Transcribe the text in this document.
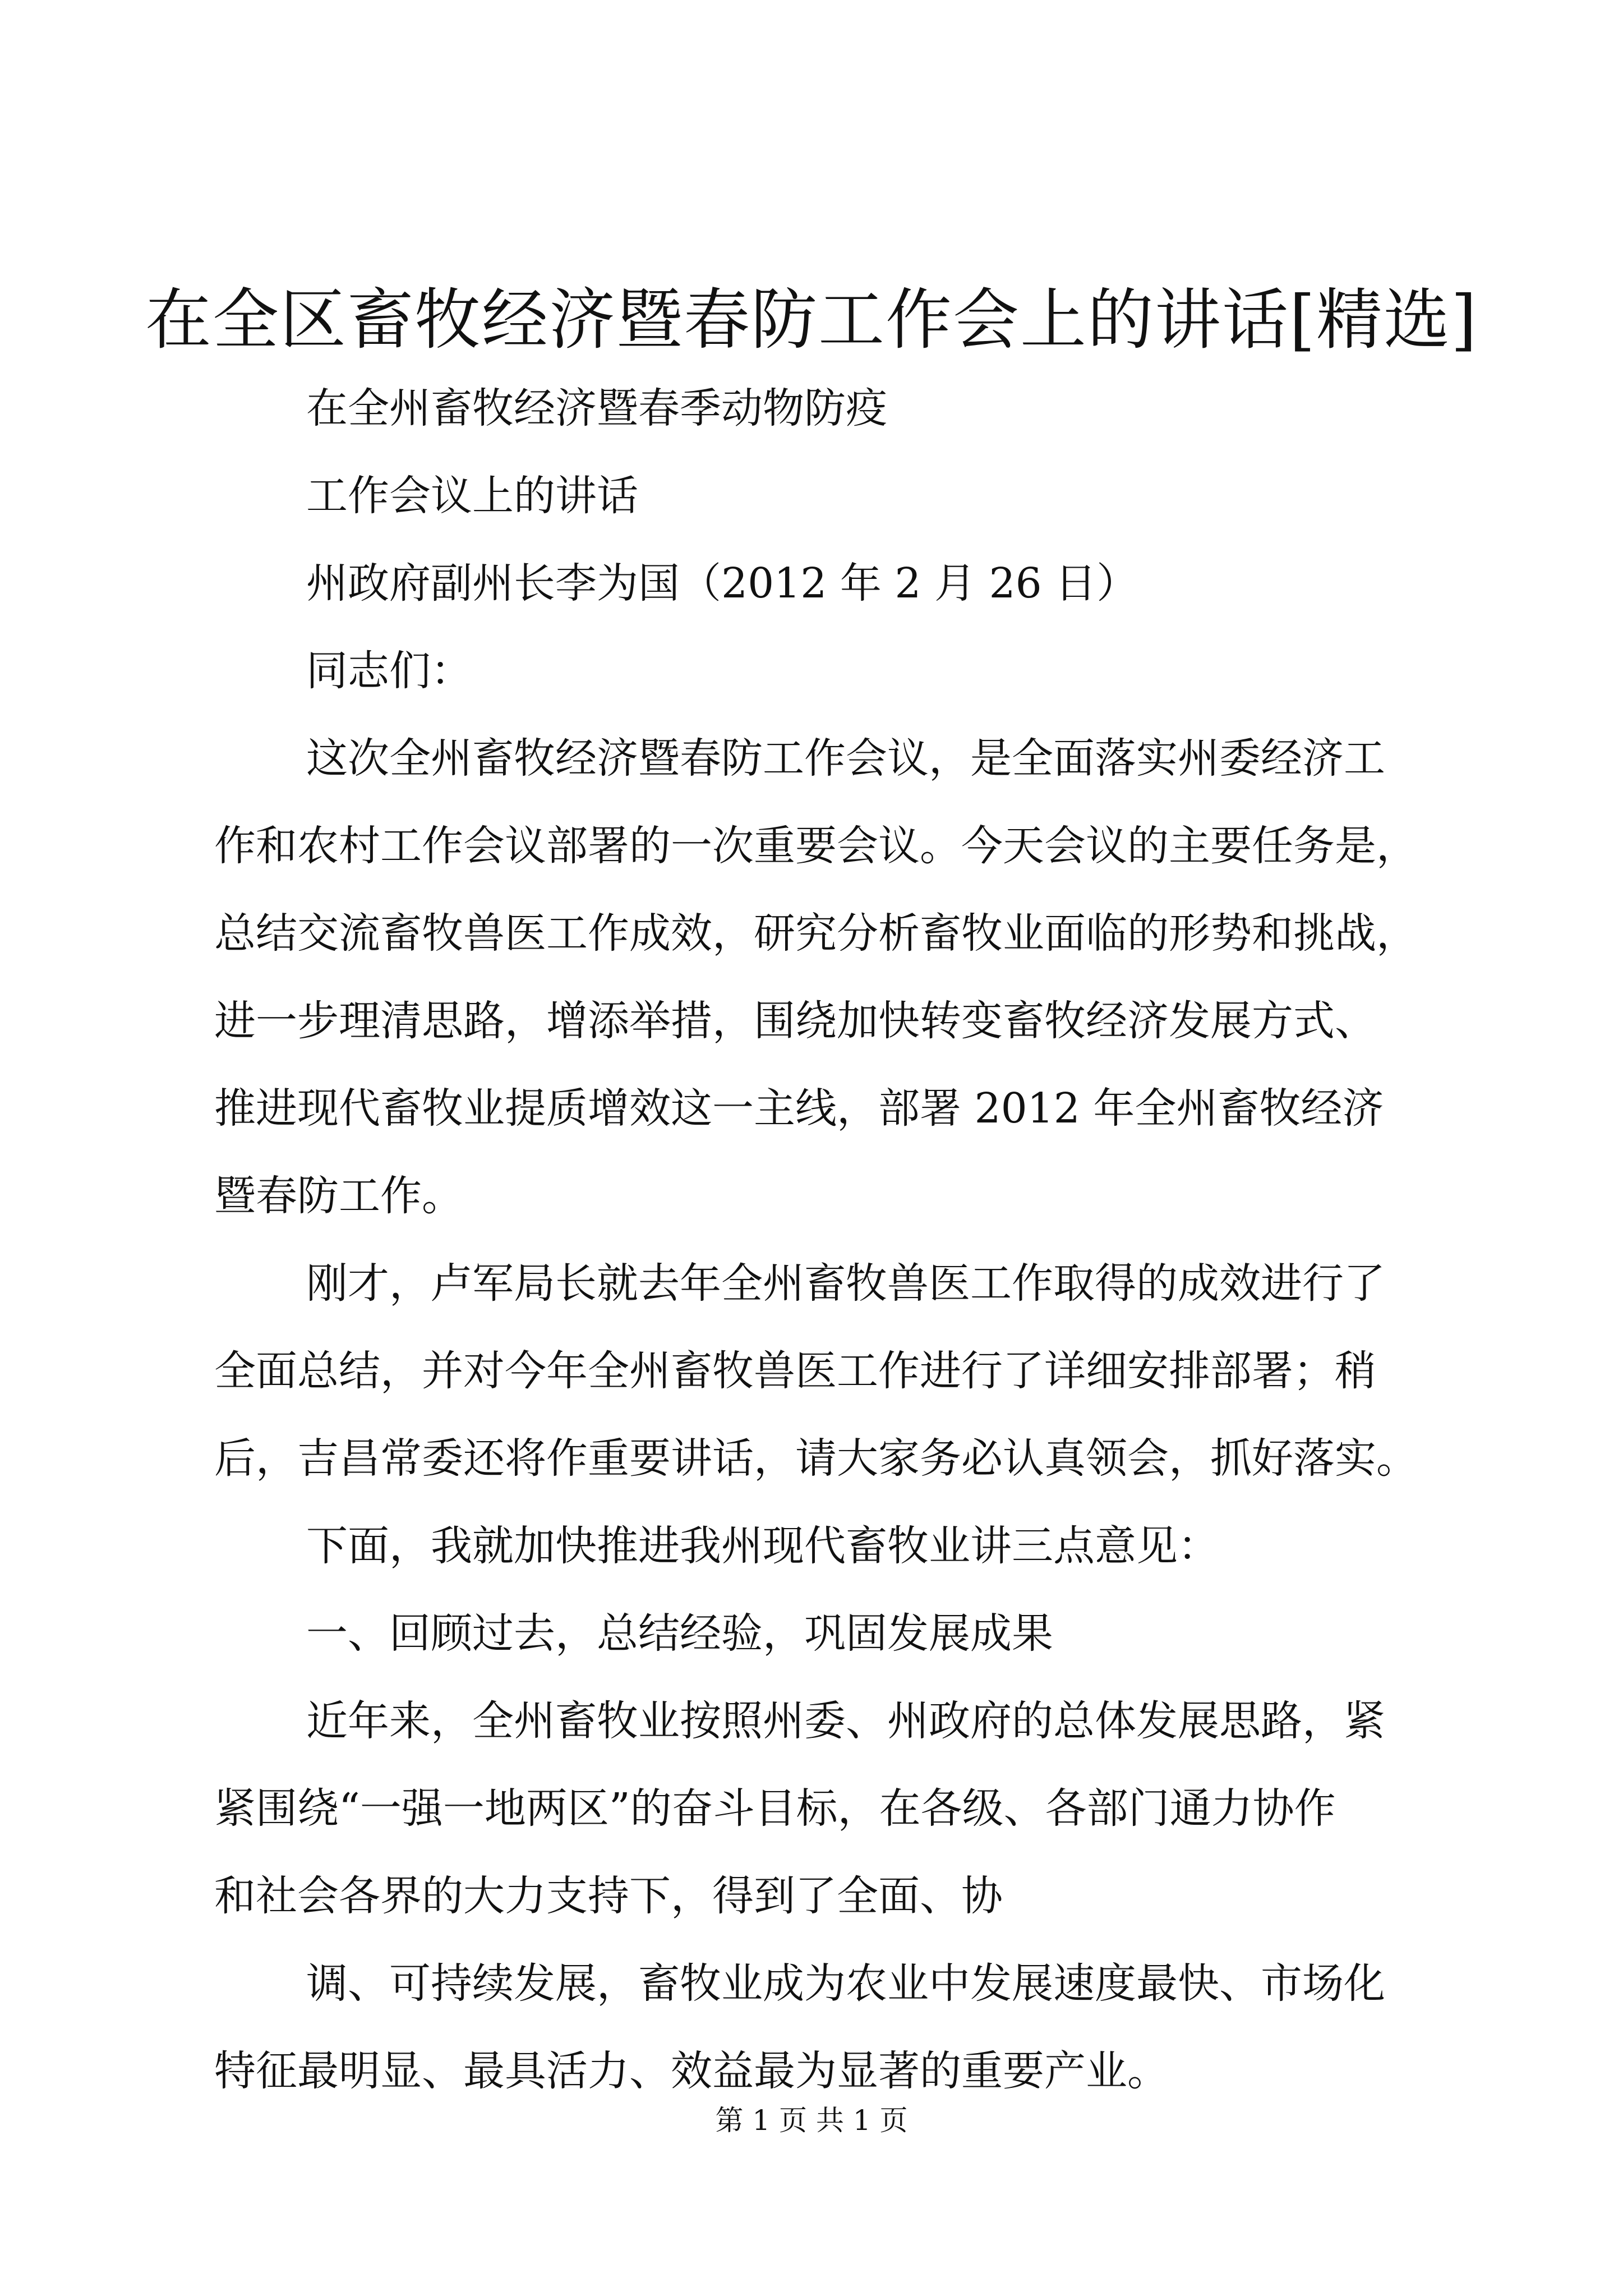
在全区畜牧经济暨春防工作会上的讲话[精选]
在全州畜牧经济暨春季动物防疫
工作会议上的讲话
州政府副州长李为国（2012 年 2 月 26 日）
同志们：
这次全州畜牧经济暨春防工作会议，是全面落实州委经济工
作和农村工作会议部署的一次重要会议。今天会议的主要任务是，
总结交流畜牧兽医工作成效，研究分析畜牧业面临的形势和挑战，
进一步理清思路，增添举措，围绕加快转变畜牧经济发展方式、
推进现代畜牧业提质增效这一主线，部署 2012 年全州畜牧经济
暨春防工作。
刚才，卢军局长就去年全州畜牧兽医工作取得的成效进行了
全面总结，并对今年全州畜牧兽医工作进行了详细安排部署；稍
后，吉昌常委还将作重要讲话，请大家务必认真领会，抓好落实。
下面，我就加快推进我州现代畜牧业讲三点意见：
一、回顾过去，总结经验，巩固发展成果
近年来，全州畜牧业按照州委、州政府的总体发展思路，紧
紧围绕“一强一地两区”的奋斗目标，在各级、各部门通力协作
和社会各界的大力支持下，得到了全面、协
调、可持续发展，畜牧业成为农业中发展速度最快、市场化
特征最明显、最具活力、效益最为显著的重要产业。
第 1 页 共 1 页
